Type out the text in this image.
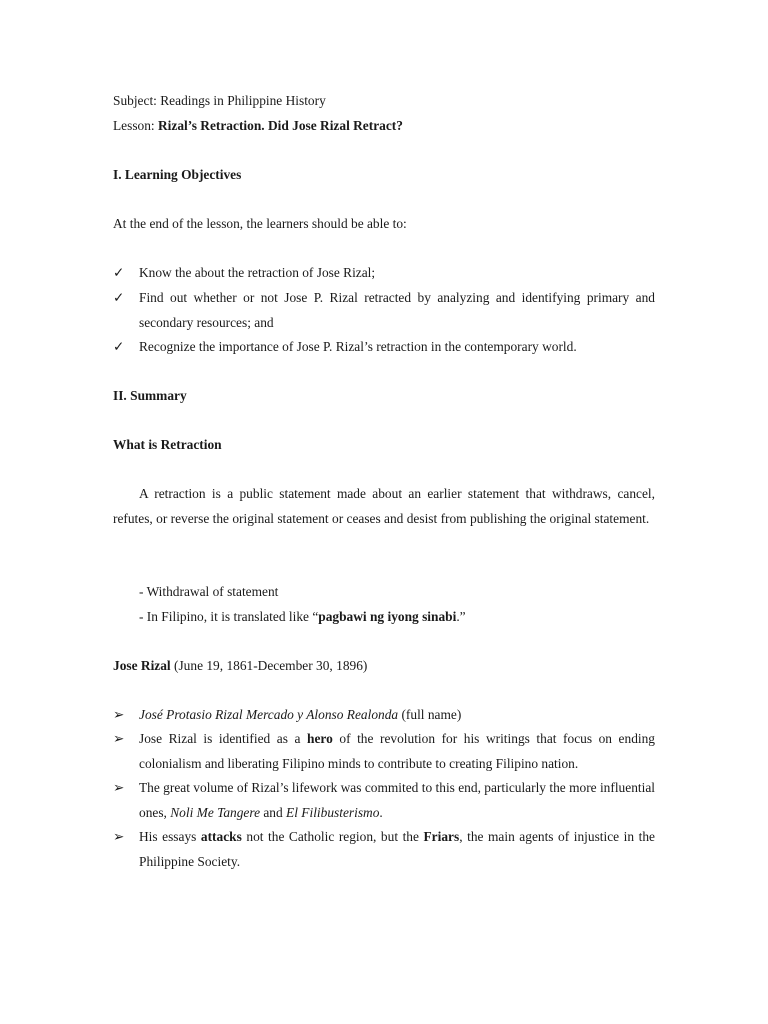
Subject: Readings in Philippine History
Lesson: Rizal’s Retraction. Did Jose Rizal Retract?
I. Learning Objectives
At the end of the lesson, the learners should be able to:
✓	Know the about the retraction of Jose Rizal;
✓	Find out whether or not Jose P. Rizal retracted by analyzing and identifying primary and secondary resources; and
✓	Recognize the importance of Jose P. Rizal’s retraction in the contemporary world.
II. Summary
What is Retraction
A retraction is a public statement made about an earlier statement that withdraws, cancel, refutes, or reverse the original statement or ceases and desist from publishing the original statement.
- Withdrawal of statement
- In Filipino, it is translated like “pagbawi ng iyong sinabi.”
Jose Rizal (June 19, 1861-December 30, 1896)
➢	José Protasio Rizal Mercado y Alonso Realonda (full name)
➢	Jose Rizal is identified as a hero of the revolution for his writings that focus on ending colonialism and liberating Filipino minds to contribute to creating Filipino nation.
➢	The great volume of Rizal’s lifework was commited to this end, particularly the more influential ones, Noli Me Tangere and El Filibusterismo.
➢	His essays attacks not the Catholic region, but the Friars, the main agents of injustice in the Philippine Society.
